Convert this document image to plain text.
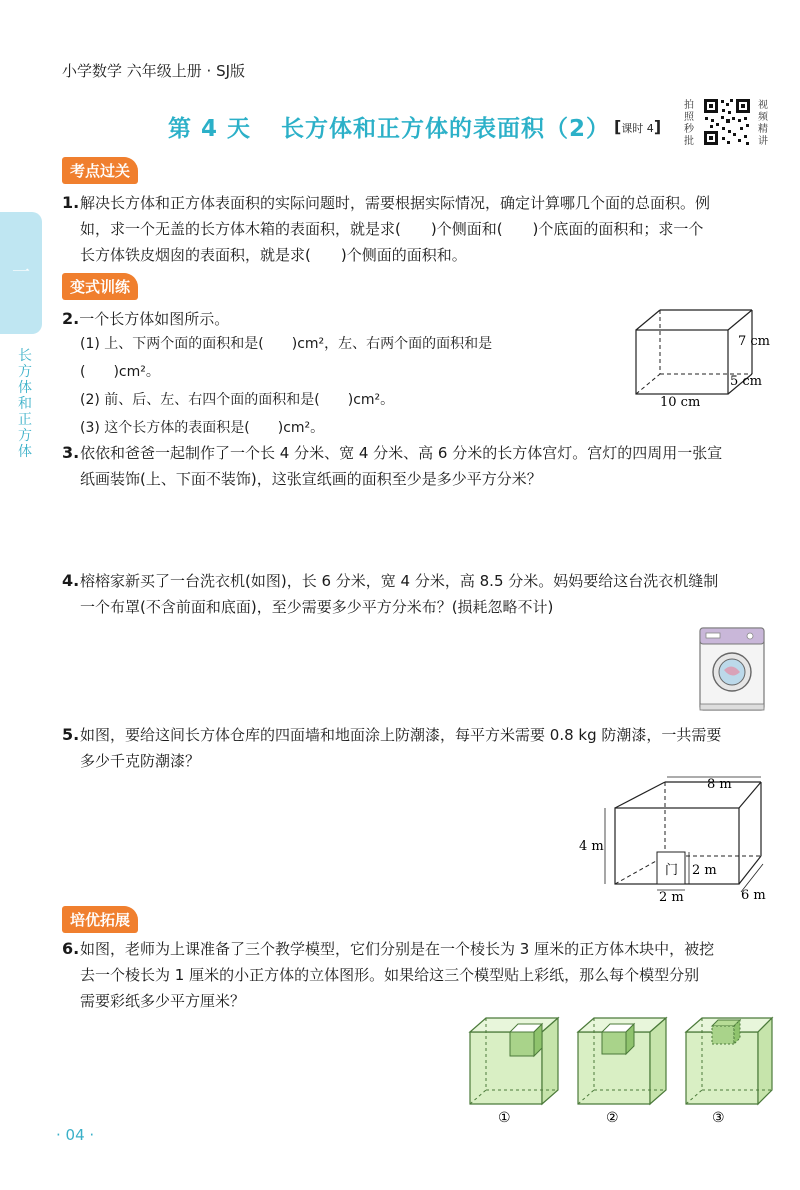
小学数学 六年级上册 · SJ版
第 4 天 长方体和正方体的表面积（2） [课时 4]
拍照秒批
视频精讲
一
长方体和正方体
考点过关
1. 解决长方体和正方体表面积的实际问题时，需要根据实际情况，确定计算哪几个面的总面积。例
如，求一个无盖的长方体木箱的表面积，就是求(　　)个侧面和(　　)个底面的面积和；求一个
长方体铁皮烟囱的表面积，就是求(　　)个侧面的面积和。
变式训练
2.一个长方体如图所示。
(1) 上、下两个面的面积和是(　　)cm²，左、右两个面的面积和是
(　　)cm²。
(2) 前、后、左、右四个面的面积和是(　　)cm²。
(3) 这个长方体的表面积是(　　)cm²。
7 cm
5 cm
10 cm
3. 依依和爸爸一起制作了一个长 4 分米、宽 4 分米、高 6 分米的长方体宫灯。宫灯的四周用一张宣
纸画装饰(上、下面不装饰)，这张宣纸画的面积至少是多少平方分米？
4. 榕榕家新买了一台洗衣机(如图)，长 6 分米，宽 4 分米，高 8.5 分米。妈妈要给这台洗衣机缝制
一个布罩(不含前面和底面)，至少需要多少平方分米布？(损耗忽略不计)
5. 如图，要给这间长方体仓库的四面墙和地面涂上防潮漆，每平方米需要 0.8 kg 防潮漆，一共需要
多少千克防潮漆？
门
8 m
4 m
2 m
2 m	6 m
培优拓展
6. 如图，老师为上课准备了三个教学模型，它们分别是在一个棱长为 3 厘米的正方体木块中，被挖
去一个棱长为 1 厘米的小正方体的立体图形。如果给这三个模型贴上彩纸，那么每个模型分别
需要彩纸多少平方厘米？
①	②	③
· 04 ·
